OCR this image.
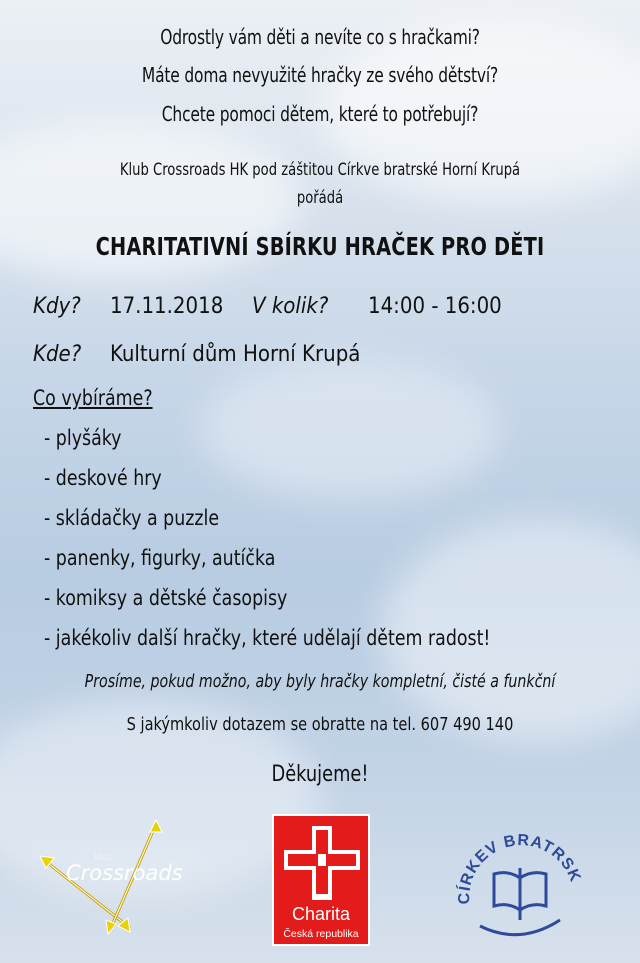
Odrostly vám děti a nevíte co s hračkami?
Máte doma nevyužité hračky ze svého dětství?
Chcete pomoci dětem, které to potřebují?
Klub Crossroads HK pod záštitou Církve bratrské Horní Krupá
pořádá
CHARITATIVNÍ SBÍRKU HRAČEK PRO DĚTI
Kdy? 17.11.2018 V kolik? 14:00 - 16:00
Kde? Kulturní dům Horní Krupá
Co vybíráme?
- plyšáky
- deskové hry
- skládačky a puzzle
- panenky, figurky, autíčka
- komiksy a dětské časopisy
- jakékoliv další hračky, které udělají dětem radost!
Prosíme, pokud možno, aby byly hračky kompletní, čisté a funkční
S jakýmkoliv dotazem se obratte na tel. 607 490 140
Děkujeme!
klub
Crossroads
Charita
Česká republika
CÍRKEV BRATRSK
